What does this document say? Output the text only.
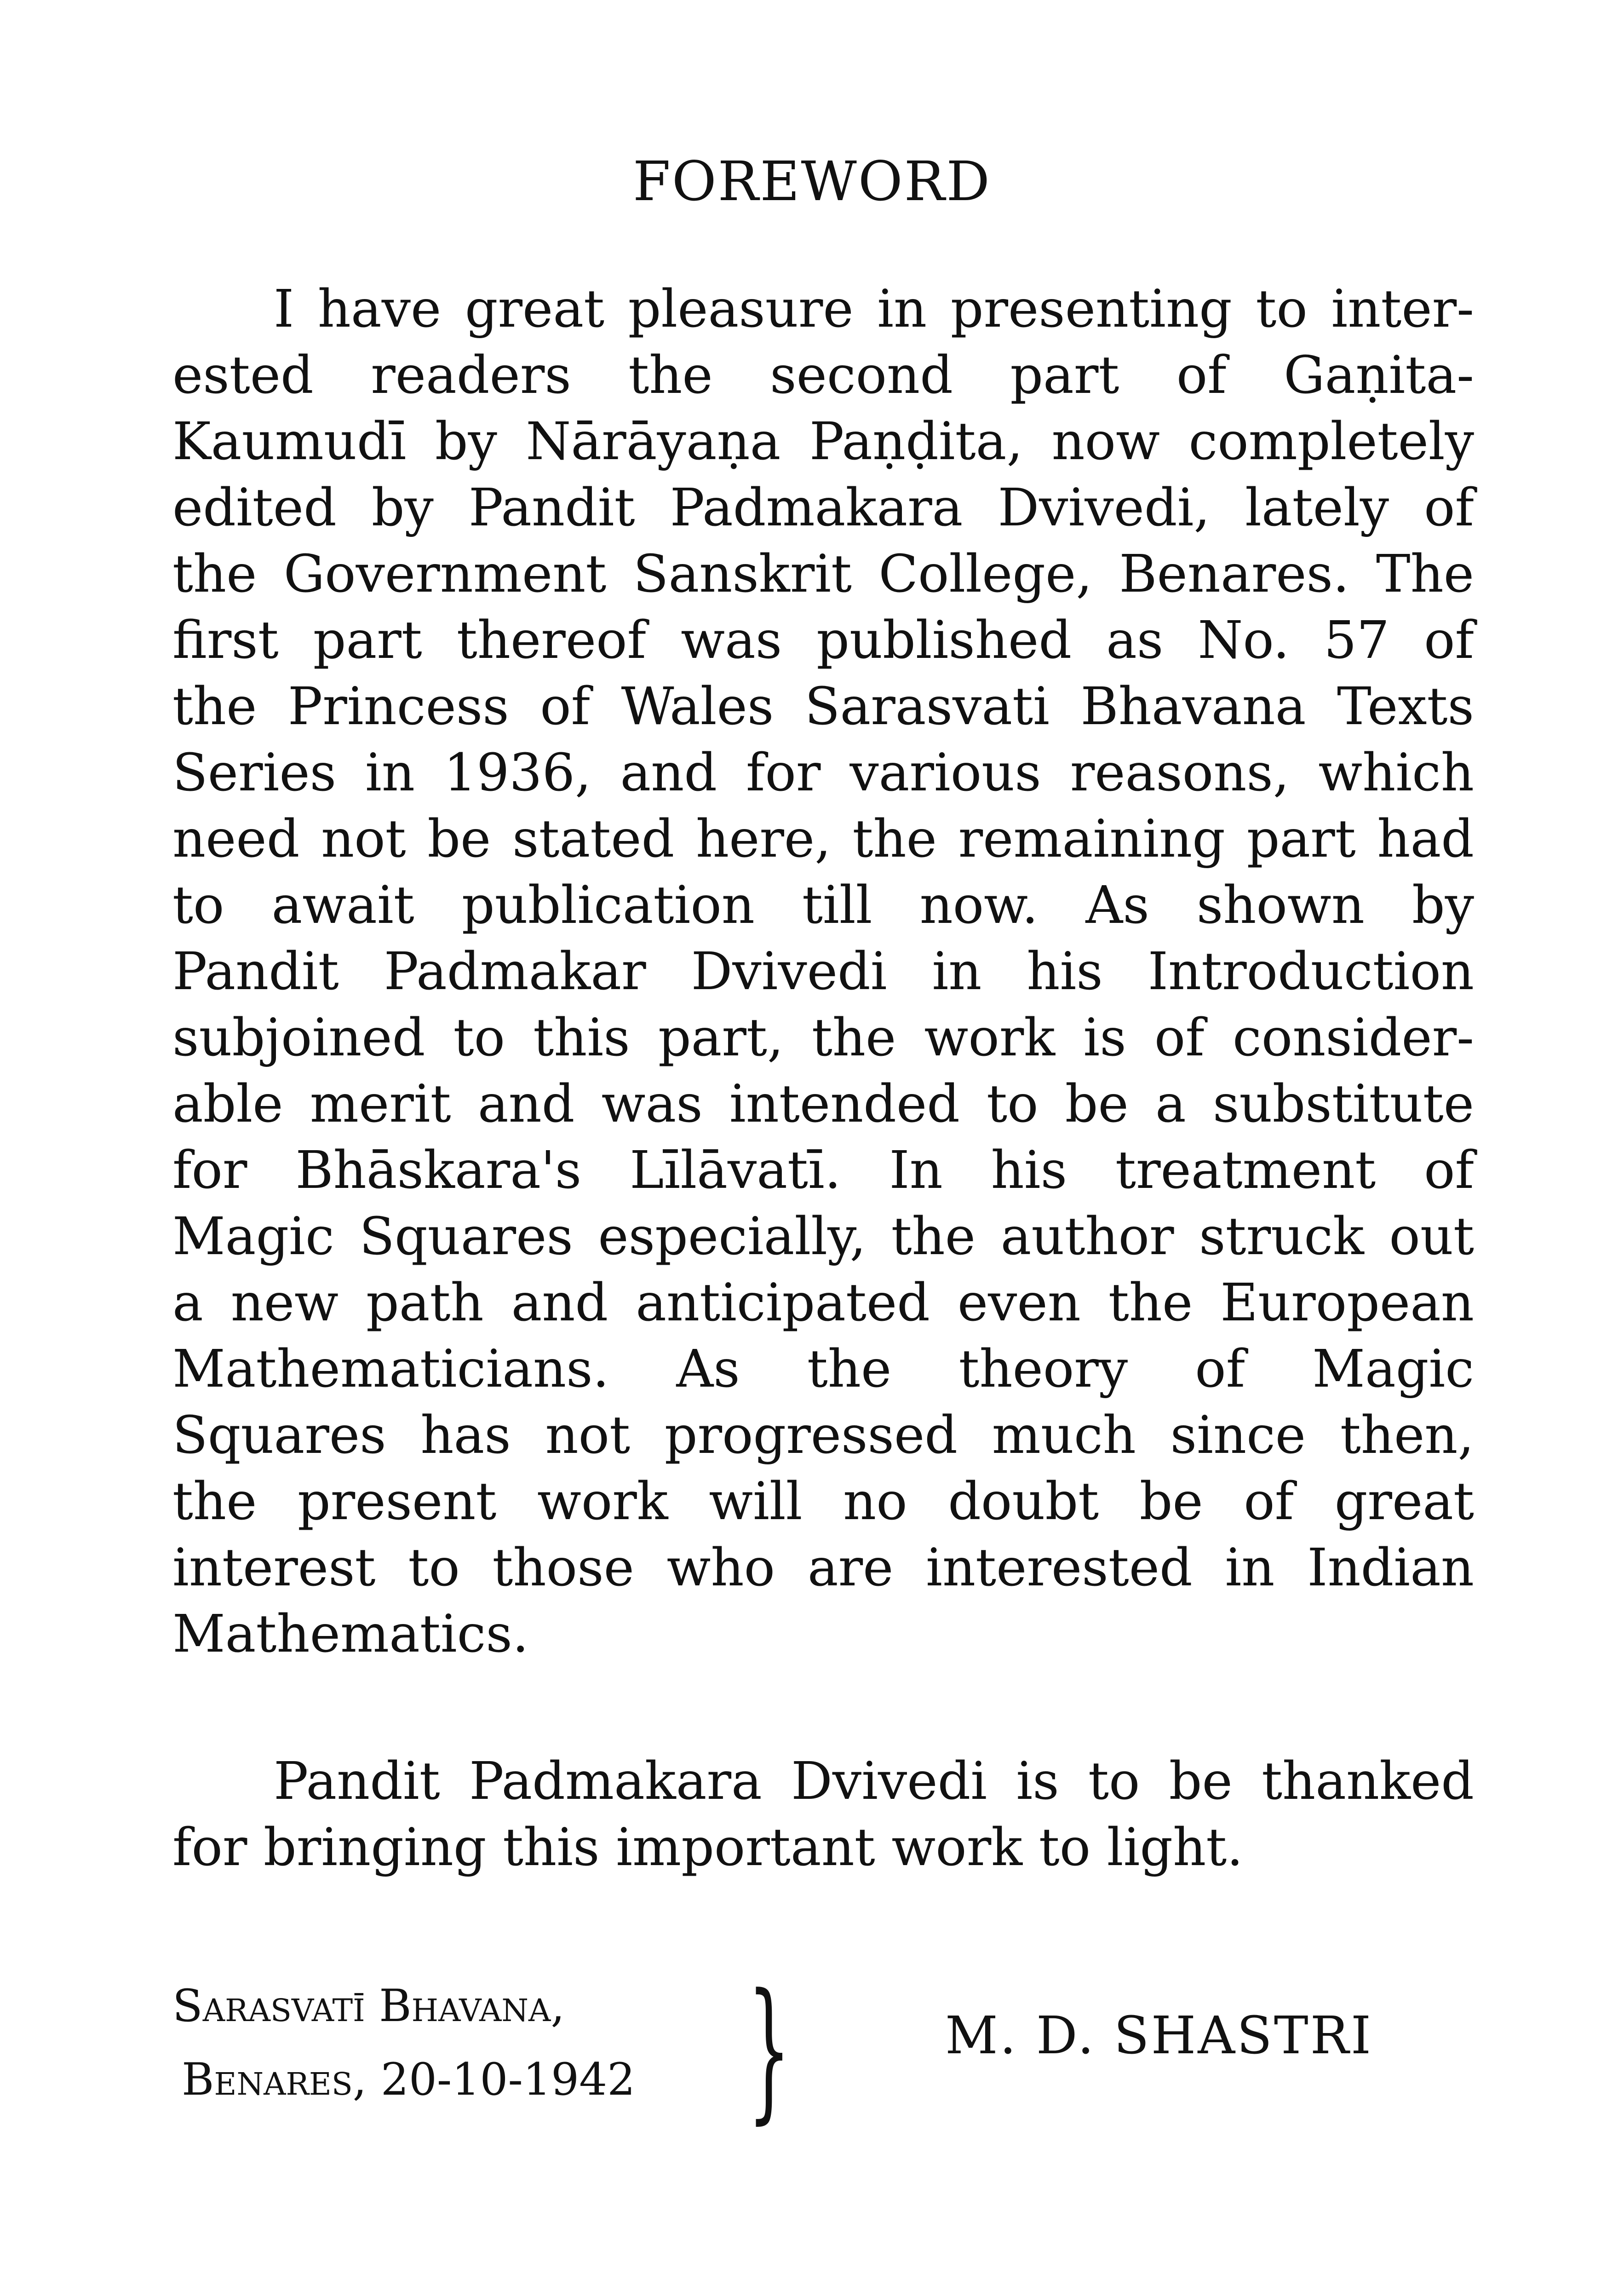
FOREWORD
I have great pleasure in presenting to inter-
ested readers the second part of Gaṇita-
Kaumudī by Nārāyaṇa Paṇḍita, now completely
edited by Pandit Padmakara Dvivedi, lately of
the Government Sanskrit College, Benares. The
first part thereof was published as No. 57 of
the Princess of Wales Sarasvati Bhavana Texts
Series in 1936, and for various reasons, which
need not be stated here, the remaining part had
to await publication till now. As shown by
Pandit Padmakar Dvivedi in his Introduction
subjoined to this part, the work is of consider-
able merit and was intended to be a substitute
for Bhāskara's Līlāvatī. In his treatment of
Magic Squares especially, the author struck out
a new path and anticipated even the European
Mathematicians. As the theory of Magic
Squares has not progressed much since then,
the present work will no doubt be of great
interest to those who are interested in Indian
Mathematics.
Pandit Padmakara Dvivedi is to be thanked
for bringing this important work to light.
Sarasvatī Bhavana,
Benares, 20-10-1942 }	M. D. SHASTRI
